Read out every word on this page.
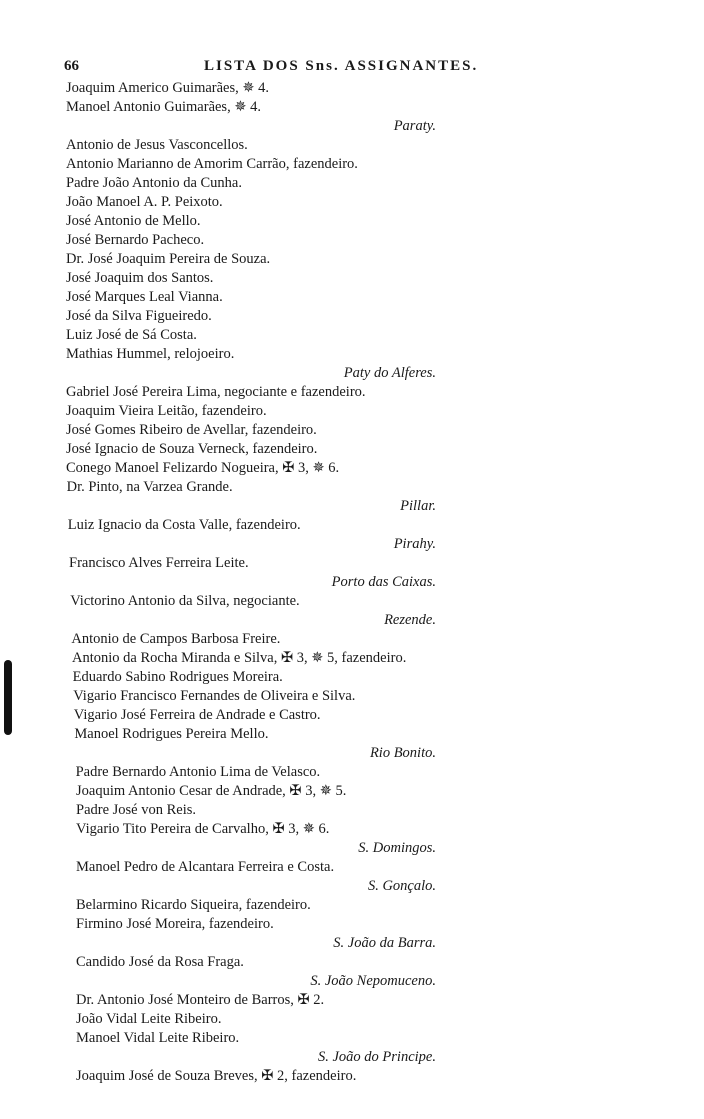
66	LISTA DOS Sns. ASSIGNANTES.
Joaquim Americo Guimarães, ✵ 4.
Manoel Antonio Guimarães, ✵ 4.
Paraty.
Antonio de Jesus Vasconcellos.
Antonio Marianno de Amorim Carrão, fazendeiro.
Padre João Antonio da Cunha.
João Manoel A. P. Peixoto.
José Antonio de Mello.
José Bernardo Pacheco.
Dr. José Joaquim Pereira de Souza.
José Joaquim dos Santos.
José Marques Leal Vianna.
José da Silva Figueiredo.
Luiz José de Sá Costa.
Mathias Hummel, relojoeiro.
Paty do Alferes.
Gabriel José Pereira Lima, negociante e fazendeiro.
Joaquim Vieira Leitão, fazendeiro.
José Gomes Ribeiro de Avellar, fazendeiro.
José Ignacio de Souza Verneck, fazendeiro.
Conego Manoel Felizardo Nogueira, ✠ 3, ✵ 6.
Dr. Pinto, na Varzea Grande.
Pillar.
Luiz Ignacio da Costa Valle, fazendeiro.
Pirahy.
Francisco Alves Ferreira Leite.
Porto das Caixas.
Victorino Antonio da Silva, negociante.
Rezende.
Antonio de Campos Barbosa Freire.
Antonio da Rocha Miranda e Silva, ✠ 3, ✵ 5, fazendeiro.
Eduardo Sabino Rodrigues Moreira.
Vigario Francisco Fernandes de Oliveira e Silva.
Vigario José Ferreira de Andrade e Castro.
Manoel Rodrigues Pereira Mello.
Rio Bonito.
Padre Bernardo Antonio Lima de Velasco.
Joaquim Antonio Cesar de Andrade, ✠ 3, ✵ 5.
Padre José von Reis.
Vigario Tito Pereira de Carvalho, ✠ 3, ✵ 6.
S. Domingos.
Manoel Pedro de Alcantara Ferreira e Costa.
S. Gonçalo.
Belarmino Ricardo Siqueira, fazendeiro.
Firmino José Moreira, fazendeiro.
S. João da Barra.
Candido José da Rosa Fraga.
S. João Nepomuceno.
Dr. Antonio José Monteiro de Barros, ✠ 2.
João Vidal Leite Ribeiro.
Manoel Vidal Leite Ribeiro.
S. João do Principe.
Joaquim José de Souza Breves, ✠ 2, fazendeiro.
